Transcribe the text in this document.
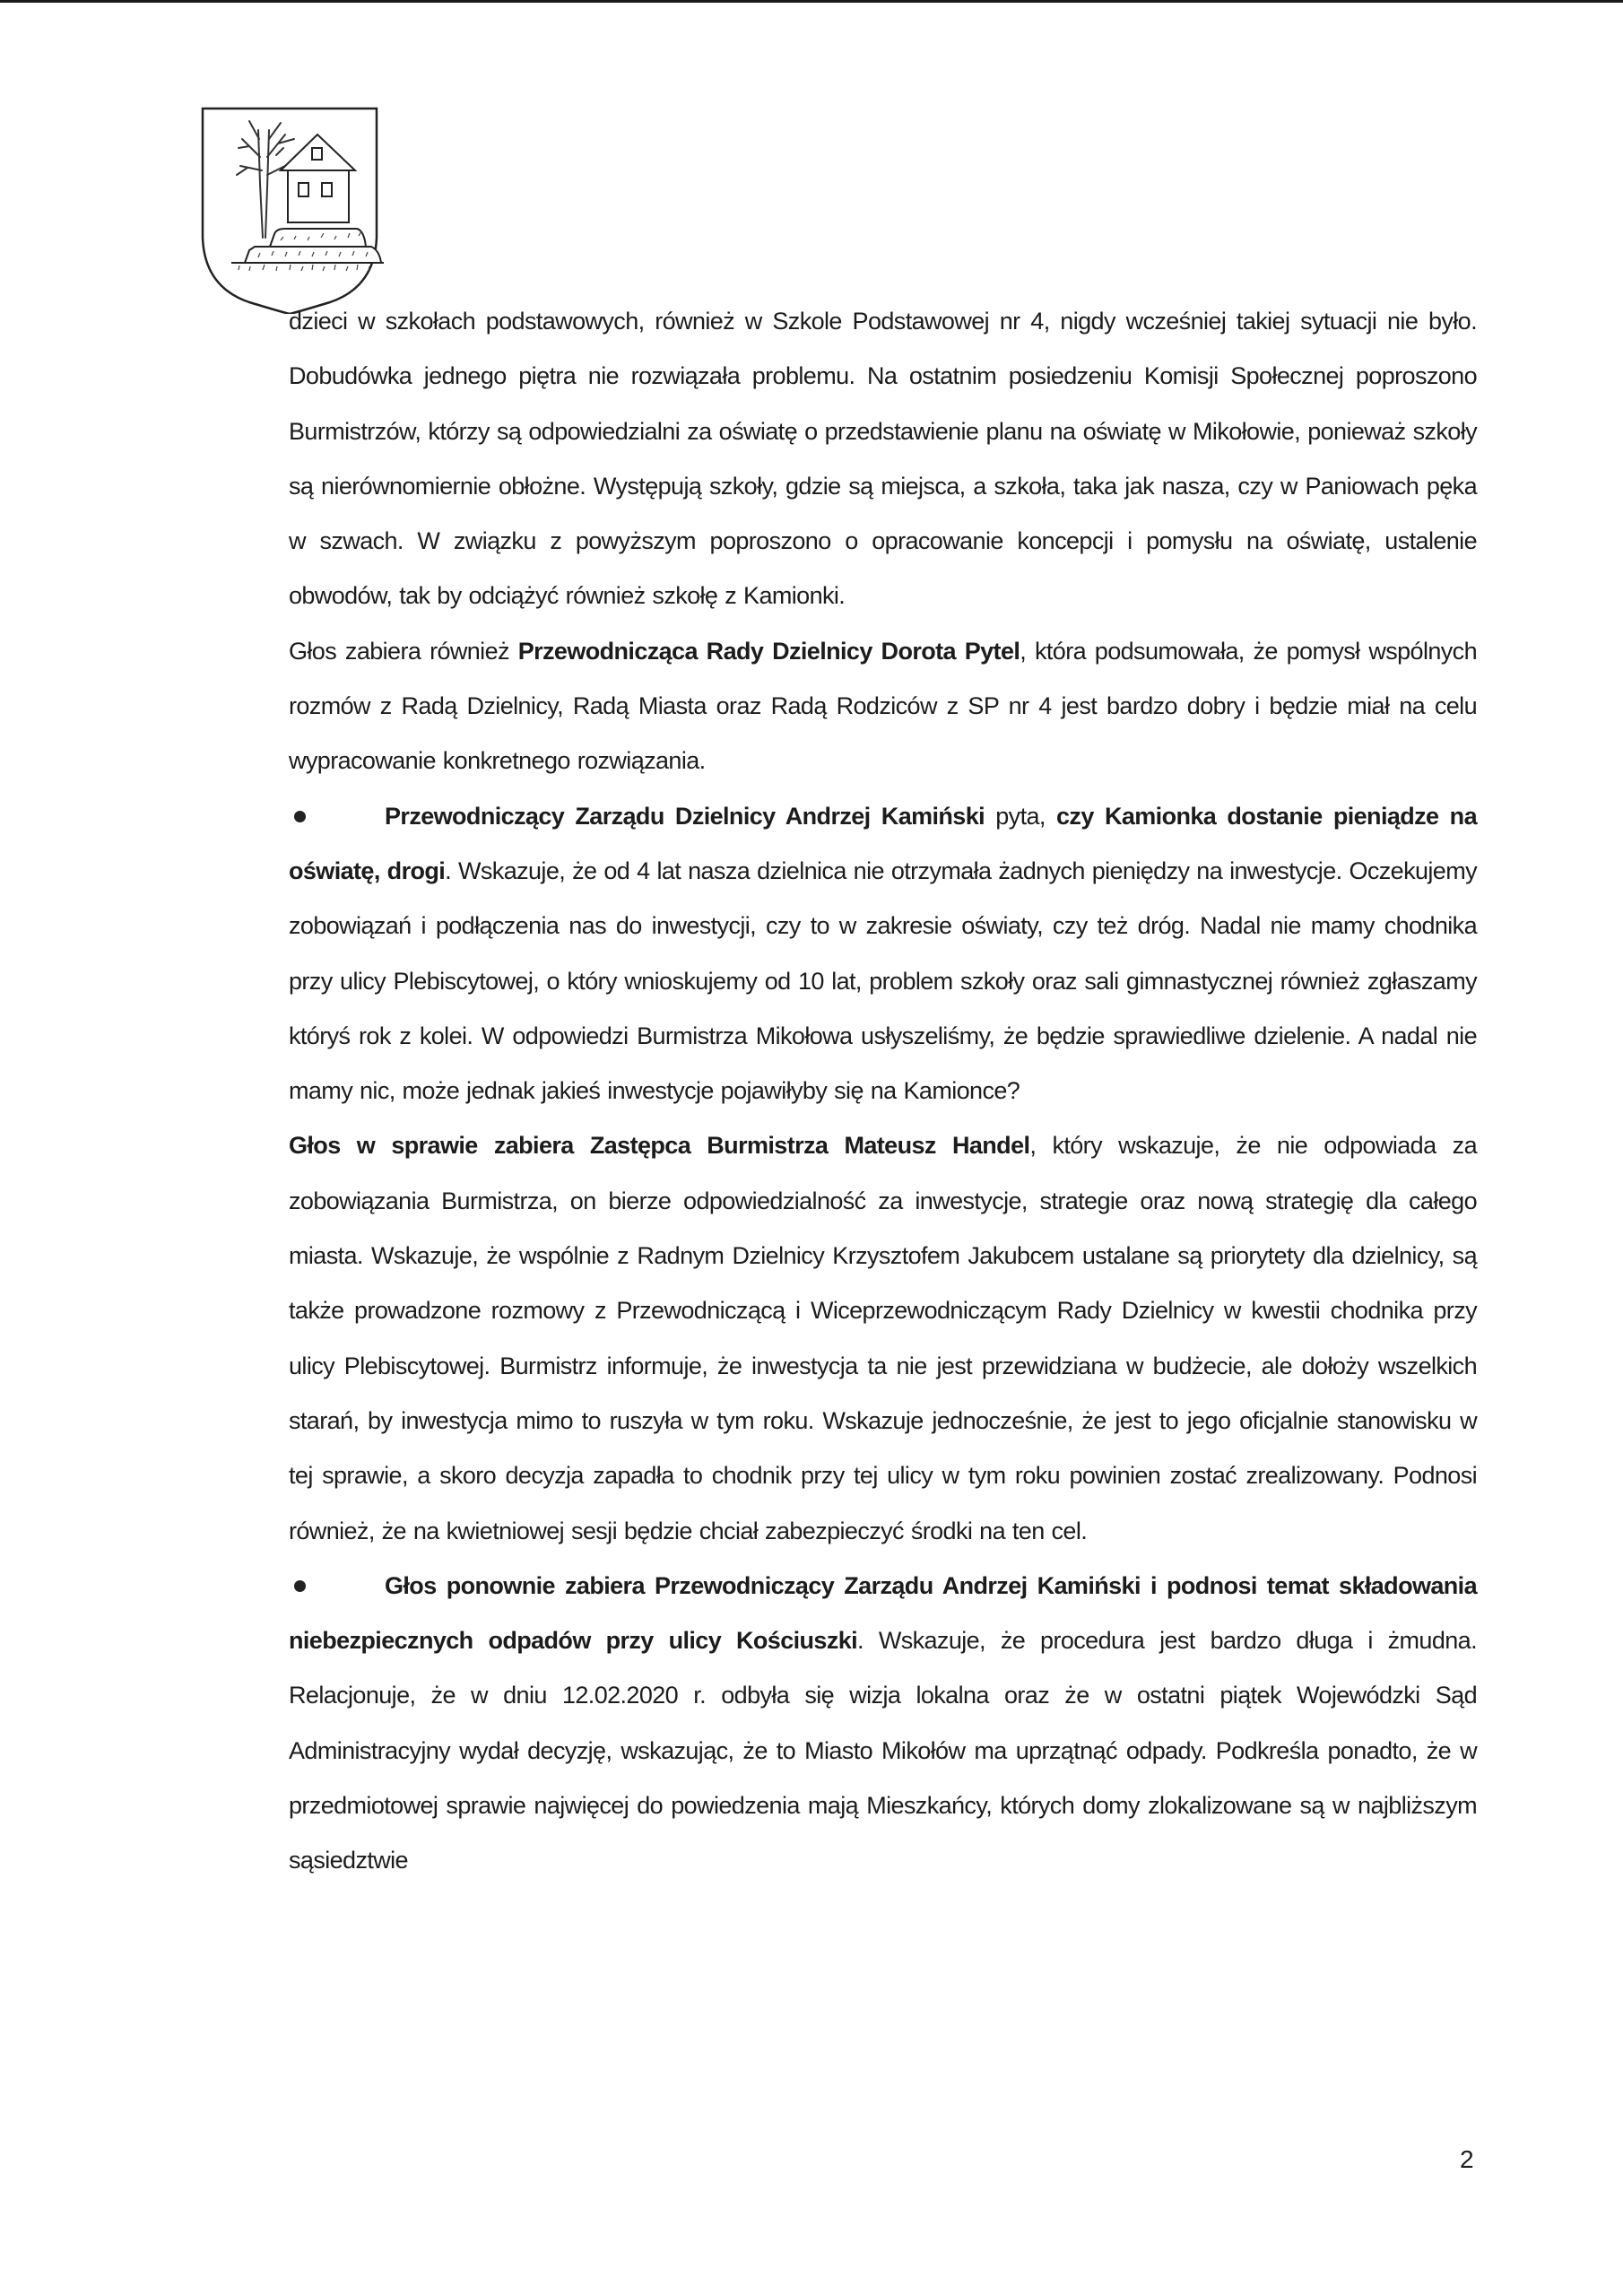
dzieci w szkołach podstawowych, również w Szkole Podstawowej nr 4, nigdy wcześniej takiej sytuacji nie było. Dobudówka jednego piętra nie rozwiązała problemu. Na ostatnim posiedzeniu Komisji Społecznej poproszono Burmistrzów, którzy są odpowiedzialni za oświatę o przedstawienie planu na oświatę w Mikołowie, ponieważ szkoły są nierównomiernie obłożne. Występują szkoły, gdzie są miejsca, a szkoła, taka jak nasza, czy w Paniowach pęka w szwach. W związku z powyższym poproszono o opracowanie koncepcji i pomysłu na oświatę, ustalenie obwodów, tak by odciążyć również szkołę z Kamionki.

Głos zabiera również Przewodnicząca Rady Dzielnicy Dorota Pytel, która podsumowała, że pomysł wspólnych rozmów z Radą Dzielnicy, Radą Miasta oraz Radą Rodziców z SP nr 4 jest bardzo dobry i będzie miał na celu wypracowanie konkretnego rozwiązania.

Przewodniczący Zarządu Dzielnicy Andrzej Kamiński pyta, czy Kamionka dostanie pieniądze na oświatę, drogi. Wskazuje, że od 4 lat nasza dzielnica nie otrzymała żadnych pieniędzy na inwestycje. Oczekujemy zobowiązań i podłączenia nas do inwestycji, czy to w zakresie oświaty, czy też dróg. Nadal nie mamy chodnika przy ulicy Plebiscytowej, o który wnioskujemy od 10 lat, problem szkoły oraz sali gimnastycznej również zgłaszamy któryś rok z kolei. W odpowiedzi Burmistrza Mikołowa usłyszeliśmy, że będzie sprawiedliwe dzielenie. A nadal nie mamy nic, może jednak jakieś inwestycje pojawiłyby się na Kamionce?

Głos w sprawie zabiera Zastępca Burmistrza Mateusz Handel, który wskazuje, że nie odpowiada za zobowiązania Burmistrza, on bierze odpowiedzialność za inwestycje, strategie oraz nową strategię dla całego miasta. Wskazuje, że wspólnie z Radnym Dzielnicy Krzysztofem Jakubcem ustalane są priorytety dla dzielnicy, są także prowadzone rozmowy z Przewodniczącą i Wiceprzewodniczącym Rady Dzielnicy w kwestii chodnika przy ulicy Plebiscytowej. Burmistrz informuje, że inwestycja ta nie jest przewidziana w budżecie, ale dołoży wszelkich starań, by inwestycja mimo to ruszyła w tym roku. Wskazuje jednocześnie, że jest to jego oficjalnie stanowisku w tej sprawie, a skoro decyzja zapadła to chodnik przy tej ulicy w tym roku powinien zostać zrealizowany. Podnosi również, że na kwietniowej sesji będzie chciał zabezpieczyć środki na ten cel.

Głos ponownie zabiera Przewodniczący Zarządu Andrzej Kamiński i podnosi temat składowania niebezpiecznych odpadów przy ulicy Kościuszki. Wskazuje, że procedura jest bardzo długa i żmudna. Relacjonuje, że w dniu 12.02.2020 r. odbyła się wizja lokalna oraz że w ostatni piątek Wojewódzki Sąd Administracyjny wydał decyzję, wskazując, że to Miasto Mikołów ma uprzątnąć odpady. Podkreśla ponadto, że w przedmiotowej sprawie najwięcej do powiedzenia mają Mieszkańcy, których domy zlokalizowane są w najbliższym sąsiedztwie

2
